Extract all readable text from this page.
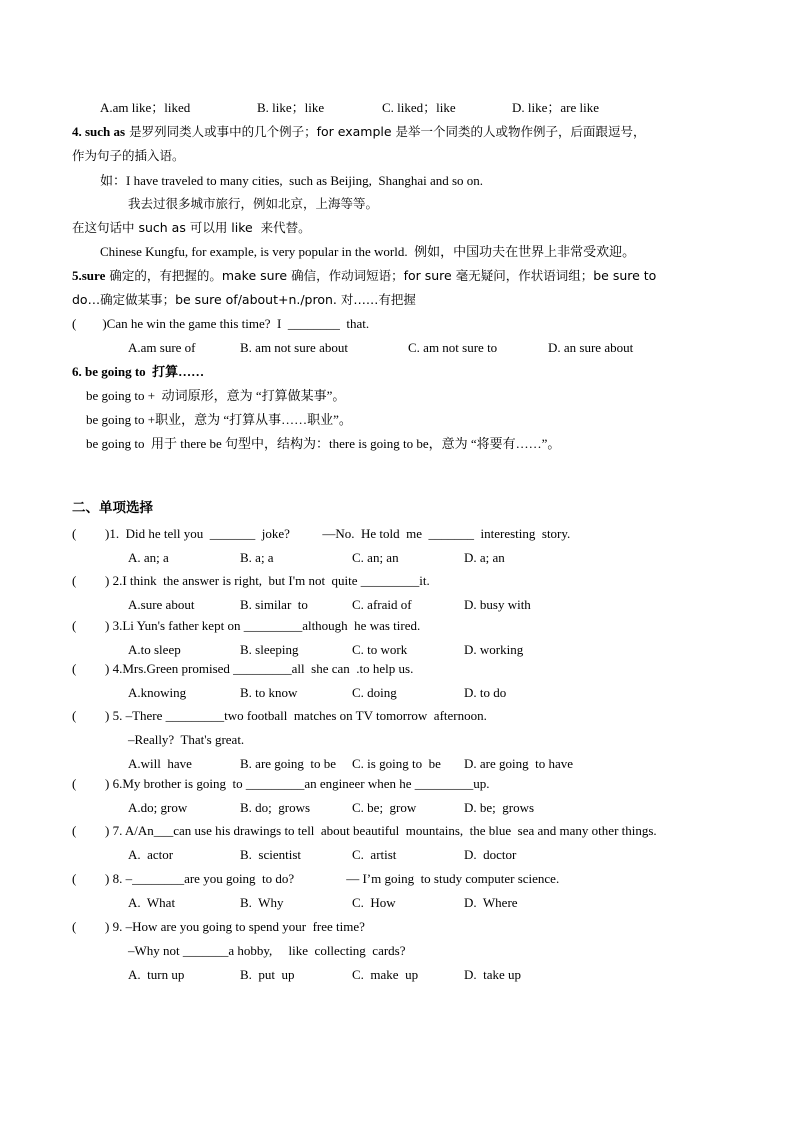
A.am like；liked	B. like；like	C. liked；like	D. like；are like
4. such as 是罗列同类人或事中的几个例子；for example 是举一个同类的人或物作例子，后面跟逗号，
作为句子的插入语。
如：I have traveled to many cities,  such as Beijing,  Shanghai and so on.
我去过很多城市旅行，例如北京，上海等等。
在这句话中 such as 可以用 like  来代替。
Chinese Kungfu, for example, is very popular in the world.  例如，中国功夫在世界上非常受欢迎。
5.sure 确定的，有把握的。make sure 确信，作动词短语；for sure 毫无疑问，作状语词组；be sure to
do…确定做某事；be sure of/about+n./pron. 对……有把握
(        )Can he win the game this time?  I  ________  that.
A.am sure of	B. am not sure about	C. am not sure to	D. an sure about
6. be going to  打算……
be going to +  动词原形，意为 “打算做某事”。
be going to +职业，意为 “打算从事……职业”。
be going to  用于 there be 句型中，结构为：there is going to be，意为 “将要有……”。
二、单项选择
( )1.  Did he tell you  _______  joke?          —No.  He told  me  _______  interesting  story.
A. an; a	B. a; a	C. an; an	D. a; an
( ) 2.I think  the answer is right,  but I'm not  quite _________it.
A.sure about	B. similar  to	C. afraid of	D. busy with
( ) 3.Li Yun's father kept on _________although  he was tired.
A.to sleep	B. sleeping	C. to work	D. working
( ) 4.Mrs.Green promised _________all  she can  .to help us.
A.knowing	B. to know	C. doing	D. to do
( ) 5. –There _________two football  matches on TV tomorrow  afternoon.
–Really?  That's great.
A.will  have	B. are going  to be C. is going to  be D. are going  to have
( ) 6.My brother is going  to _________an engineer when he _________up.
A.do; grow	B. do;  grows	C. be;  grow	D. be;  grows
( ) 7. A/An___can use his drawings to tell  about beautiful  mountains,  the blue  sea and many other things.
A.  actor	B.  scientist	C.  artist	D.  doctor
( ) 8. –________are you going  to do?                — I’m going  to study computer science.
A.  What	B.  Why	C.  How	D.  Where
( ) 9. –How are you going to spend your  free time?
–Why not _______a hobby,     like  collecting  cards?
A.  turn up	B.  put  up	C.  make  up	D.  take up
